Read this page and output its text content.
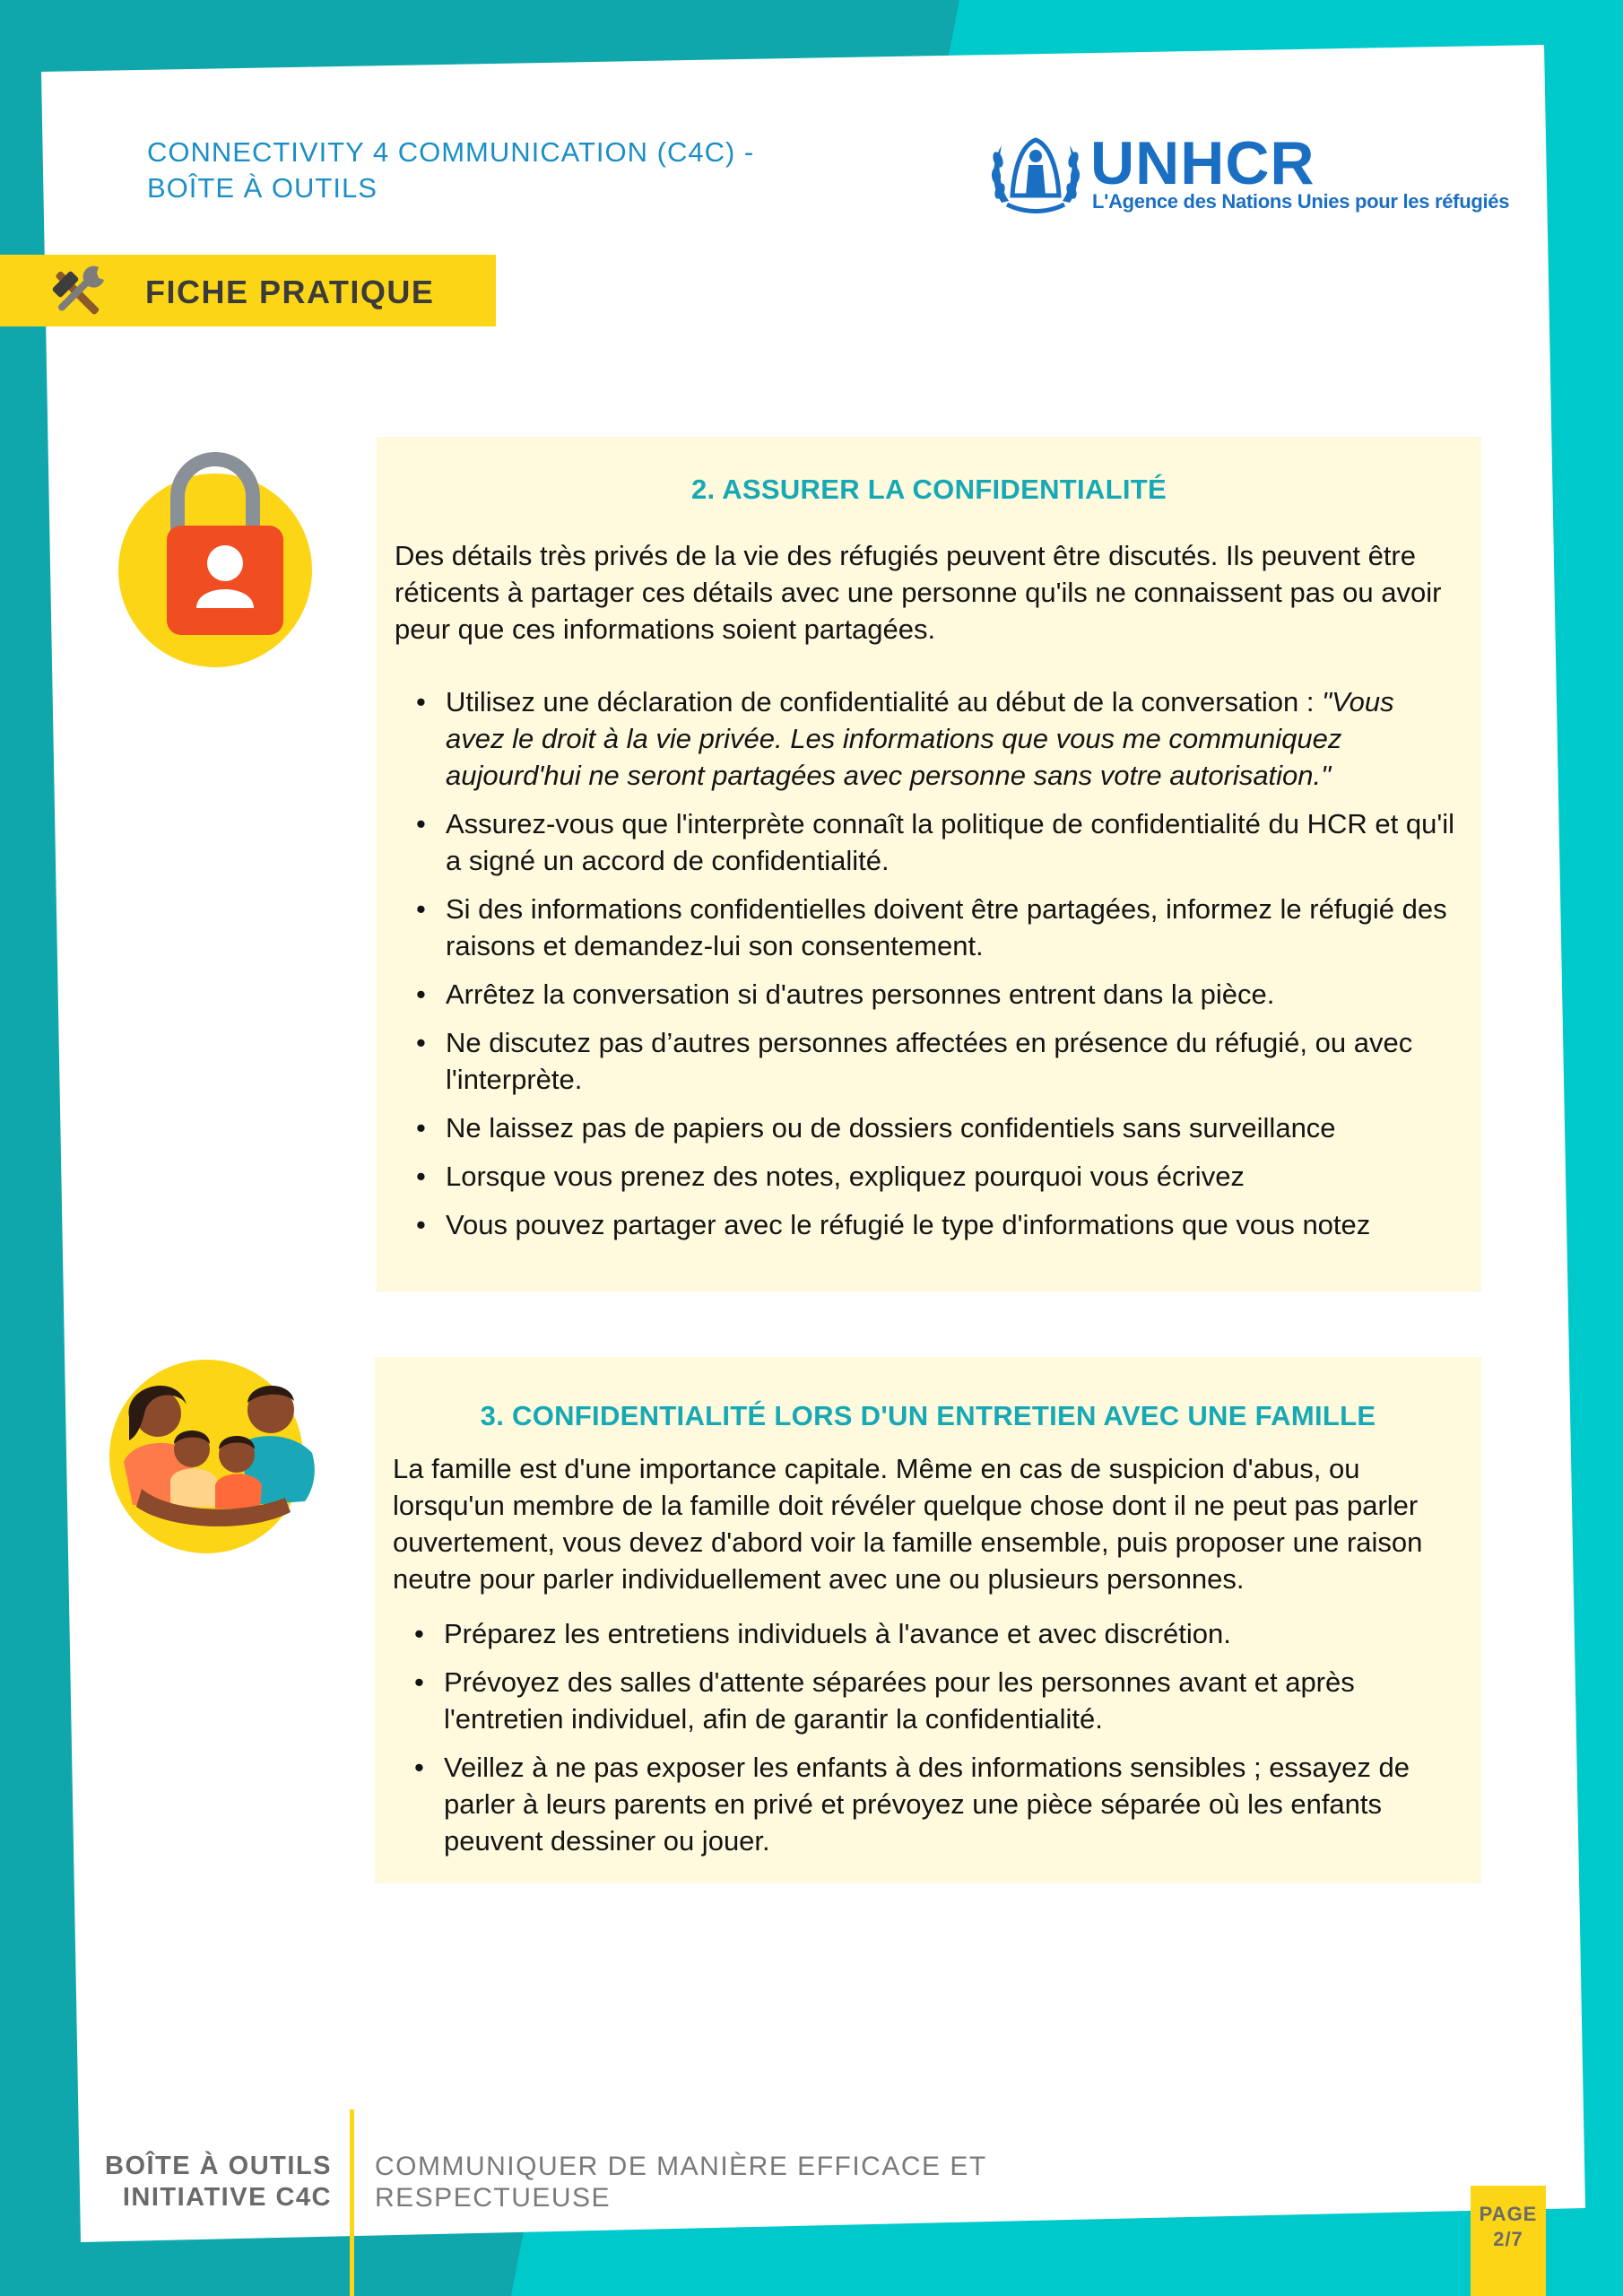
CONNECTIVITY 4 COMMUNICATION (C4C) -
BOÎTE À OUTILS	UNHCR
L'Agence des Nations Unies pour les réfugiés
FICHE PRATIQUE
2. ASSURER LA CONFIDENTIALITÉ
Des détails très privés de la vie des réfugiés peuvent être discutés. Ils peuvent être réticents à partager ces détails avec une personne qu'ils ne connaissent pas ou avoir peur que ces informations soient partagées.
• Utilisez une déclaration de confidentialité au début de la conversation : "Vous avez le droit à la vie privée. Les informations que vous me communiquez aujourd'hui ne seront partagées avec personne sans votre autorisation."
• Assurez-vous que l'interprète connaît la politique de confidentialité du HCR et qu'il a signé un accord de confidentialité.
• Si des informations confidentielles doivent être partagées, informez le réfugié des raisons et demandez-lui son consentement.
• Arrêtez la conversation si d'autres personnes entrent dans la pièce.
• Ne discutez pas d’autres personnes affectées en présence du réfugié, ou avec l'interprète.
• Ne laissez pas de papiers ou de dossiers confidentiels sans surveillance
• Lorsque vous prenez des notes, expliquez pourquoi vous écrivez
• Vous pouvez partager avec le réfugié le type d'informations que vous notez
3. CONFIDENTIALITÉ LORS D'UN ENTRETIEN AVEC UNE FAMILLE
La famille est d'une importance capitale. Même en cas de suspicion d'abus, ou lorsqu'un membre de la famille doit révéler quelque chose dont il ne peut pas parler ouvertement, vous devez d'abord voir la famille ensemble, puis proposer une raison neutre pour parler individuellement avec une ou plusieurs personnes.
• Préparez les entretiens individuels à l'avance et avec discrétion.
• Prévoyez des salles d'attente séparées pour les personnes avant et après l'entretien individuel, afin de garantir la confidentialité.
• Veillez à ne pas exposer les enfants à des informations sensibles ; essayez de parler à leurs parents en privé et prévoyez une pièce séparée où les enfants peuvent dessiner ou jouer.
BOÎTE À OUTILS
INITIATIVE C4C
COMMUNIQUER DE MANIÈRE EFFICACE ET RESPECTUEUSE
PAGE
2/7
